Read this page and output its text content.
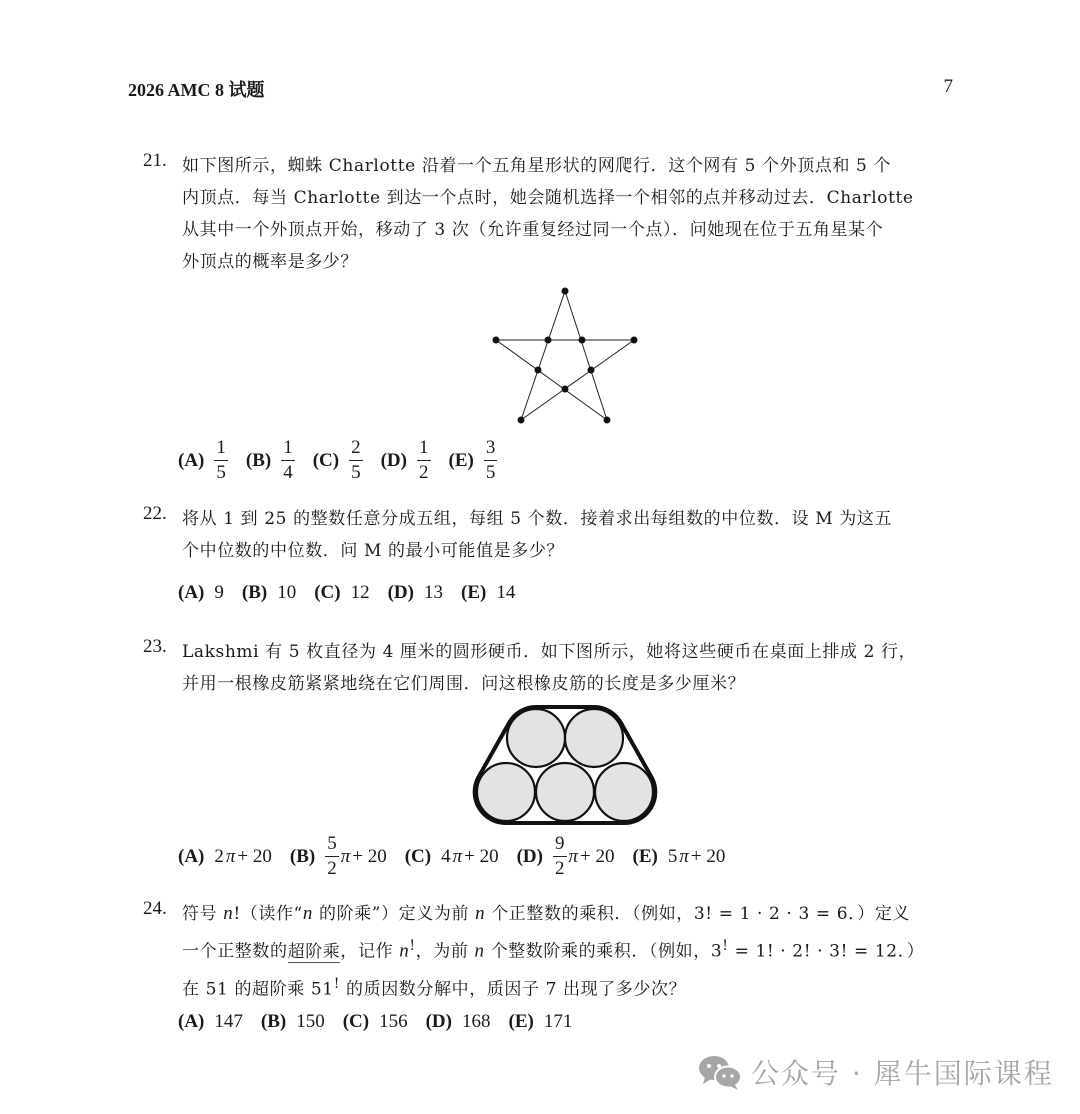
2026 AMC 8 试题	7
21. 如下图所示，蜘蛛 Charlotte 沿着一个五角星形状的网爬行．这个网有 5 个外顶点和 5 个
内顶点．每当 Charlotte 到达一个点时，她会随机选择一个相邻的点并移动过去．Charlotte
从其中一个外顶点开始，移动了 3 次（允许重复经过同一个点）．问她现在位于五角星某个
外顶点的概率是多少？
$(A) \frac{1}{5} (B) \frac{1}{4} (C) \frac{2}{5} (D) \frac{1}{2} (E) \frac{3}{5}$
22. 将从 1 到 25 的整数任意分成五组，每组 5 个数．接着求出每组数的中位数．设 M 为这五
个中位数的中位数．问 M 的最小可能值是多少？
(A) 9 (B) 10 (C) 12 (D) 13 (E) 14
23. Lakshmi 有 5 枚直径为 4 厘米的圆形硬币．如下图所示，她将这些硬币在桌面上排成 2 行，
并用一根橡皮筋紧紧地绕在它们周围．问这根橡皮筋的长度是多少厘米？
(A) 2 π + 20 $(B) \frac{5}{2}$ π + 20 (C) 4 π + 20 $(D) \frac{9}{2}$ π + 20 (E) 5 π + 20
24. 符号 n!（读作“n 的阶乘”）定义为前 n 个正整数的乘积．（例如，3! = 1 · 2 · 3 = 6．）定义
一个正整数的超阶乘，记作 n!，为前 n 个整数阶乘的乘积．（例如，3! = 1! · 2! · 3! = 12．）
在 51 的超阶乘 51! 的质因数分解中，质因子 7 出现了多少次？
(A) 147 (B) 150 (C) 156 (D) 168 (E) 171
公众号 · 犀牛国际课程
